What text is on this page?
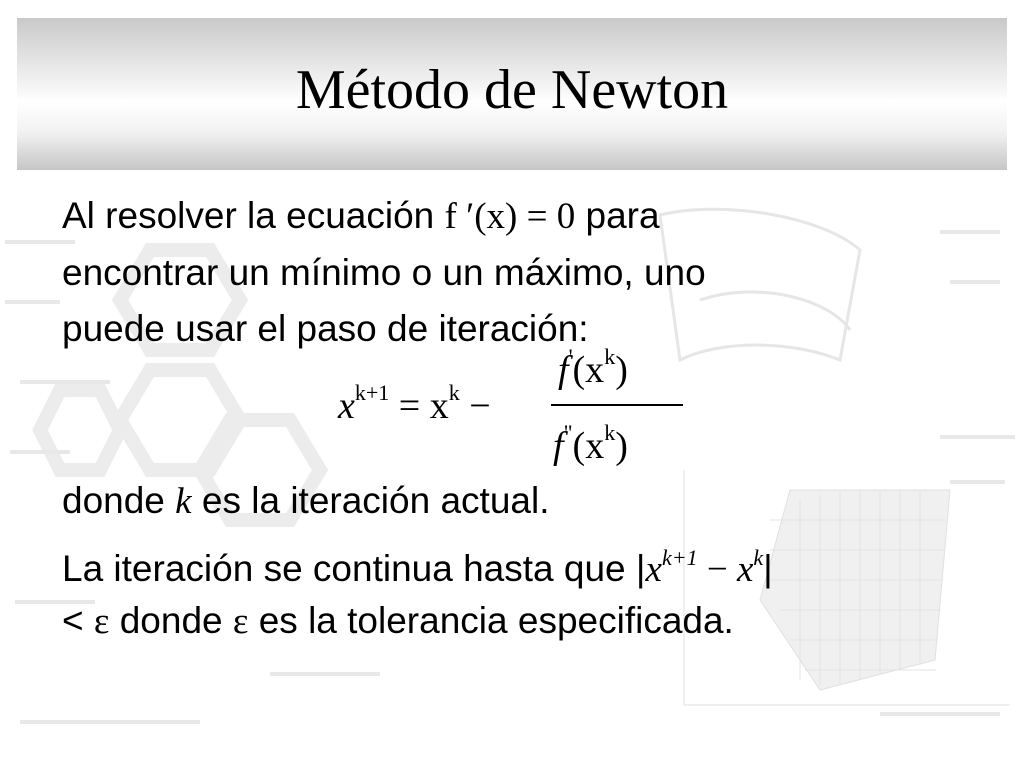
Método de Newton
Al resolver la ecuación f ′(x) = 0 para
encontrar un mínimo o un máximo, uno
puede usar el paso de iteración:
$x^{k+1} = x^k$ −
$f'(x^k)$
$f^"(x^k)$
donde k es la iteración actual.
La iteración se continua hasta que $|x^{k+1} - x^k|$
< ε donde ε es la tolerancia especificada.
